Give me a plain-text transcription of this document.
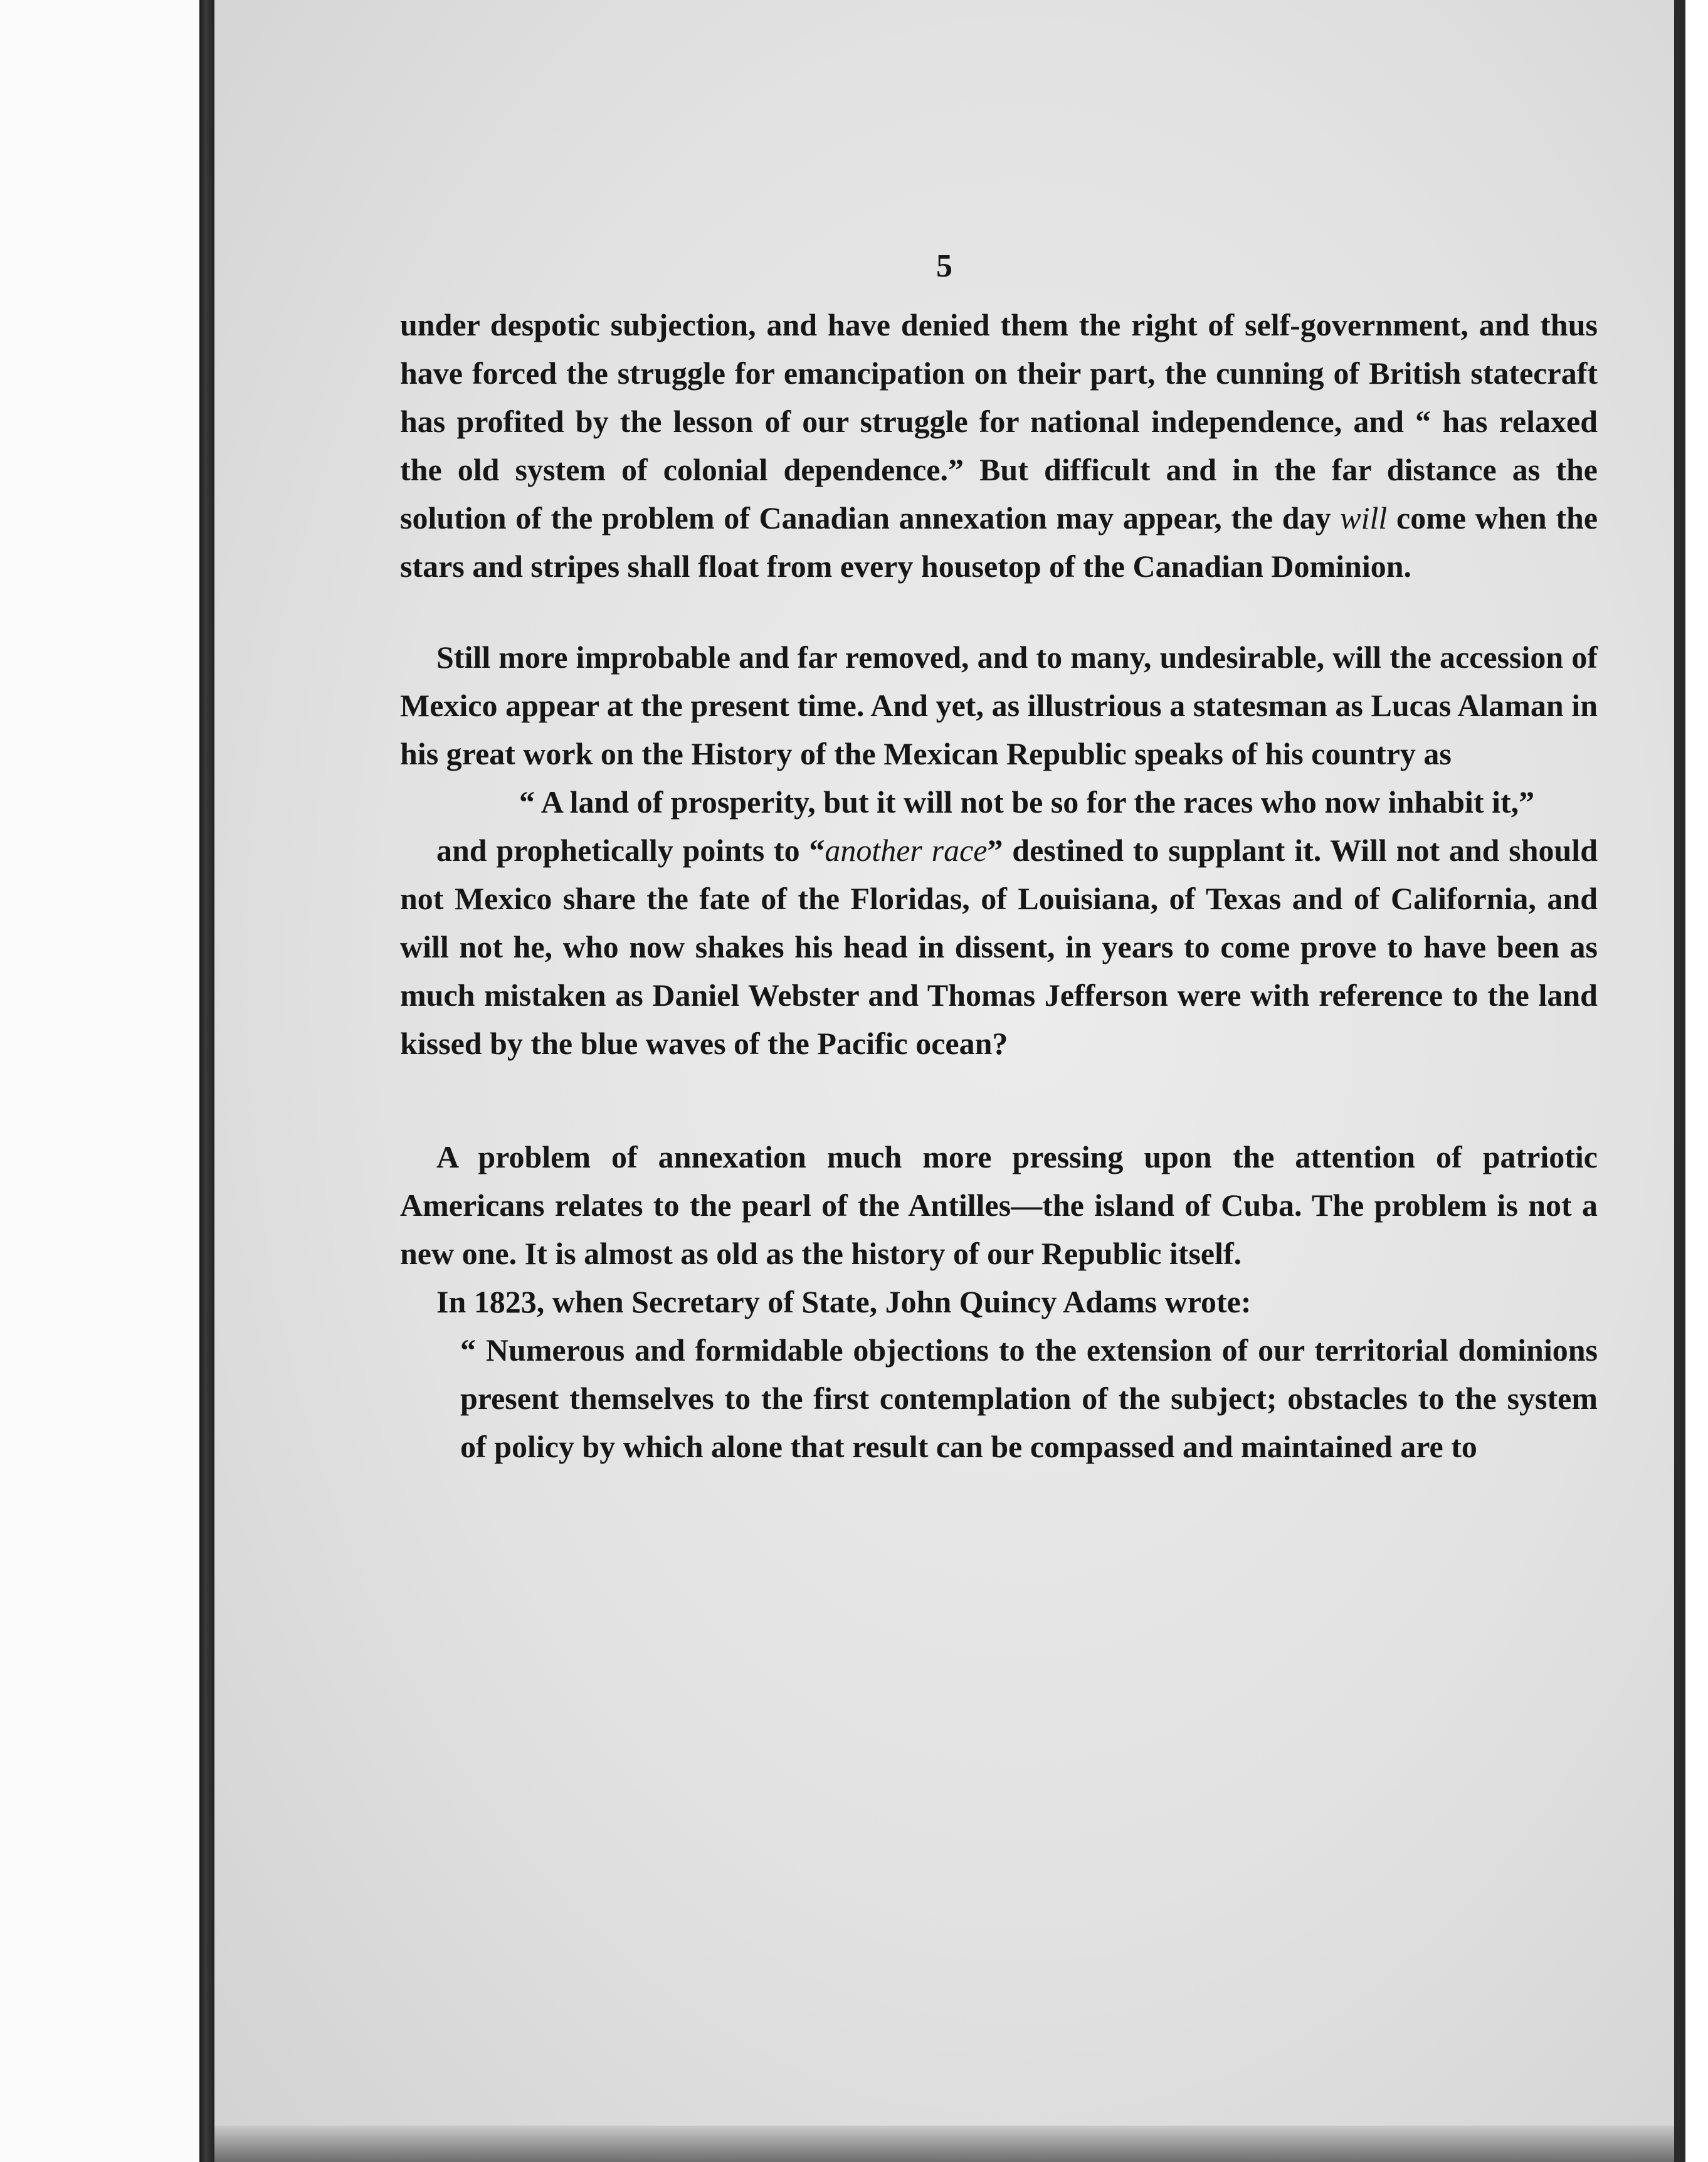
5

under despotic subjection, and have denied them the right of self-government, and thus have forced the struggle for emancipation on their part, the cunning of British statecraft has profited by the lesson of our struggle for national independence, and “ has relaxed the old system of colonial dependence.” But difficult and in the far distance as the solution of the problem of Canadian annexation may appear, the day will come when the stars and stripes shall float from every housetop of the Canadian Dominion.

Still more improbable and far removed, and to many, undesirable, will the accession of Mexico appear at the present time. And yet, as illustrious a statesman as Lucas Alaman in his great work on the History of the Mexican Republic speaks of his country as

“ A land of prosperity, but it will not be so for the races who now inhabit it,”

and prophetically points to “another race” destined to supplant it. Will not and should not Mexico share the fate of the Floridas, of Louisiana, of Texas and of California, and will not he, who now shakes his head in dissent, in years to come prove to have been as much mistaken as Daniel Webster and Thomas Jefferson were with reference to the land kissed by the blue waves of the Pacific ocean?

A problem of annexation much more pressing upon the attention of patriotic Americans relates to the pearl of the Antilles—the island of Cuba. The problem is not a new one. It is almost as old as the history of our Republic itself.

In 1823, when Secretary of State, John Quincy Adams wrote:

“ Numerous and formidable objections to the extension of our territorial dominions present themselves to the first contemplation of the subject; obstacles to the system of policy by which alone that result can be compassed and maintained are to
